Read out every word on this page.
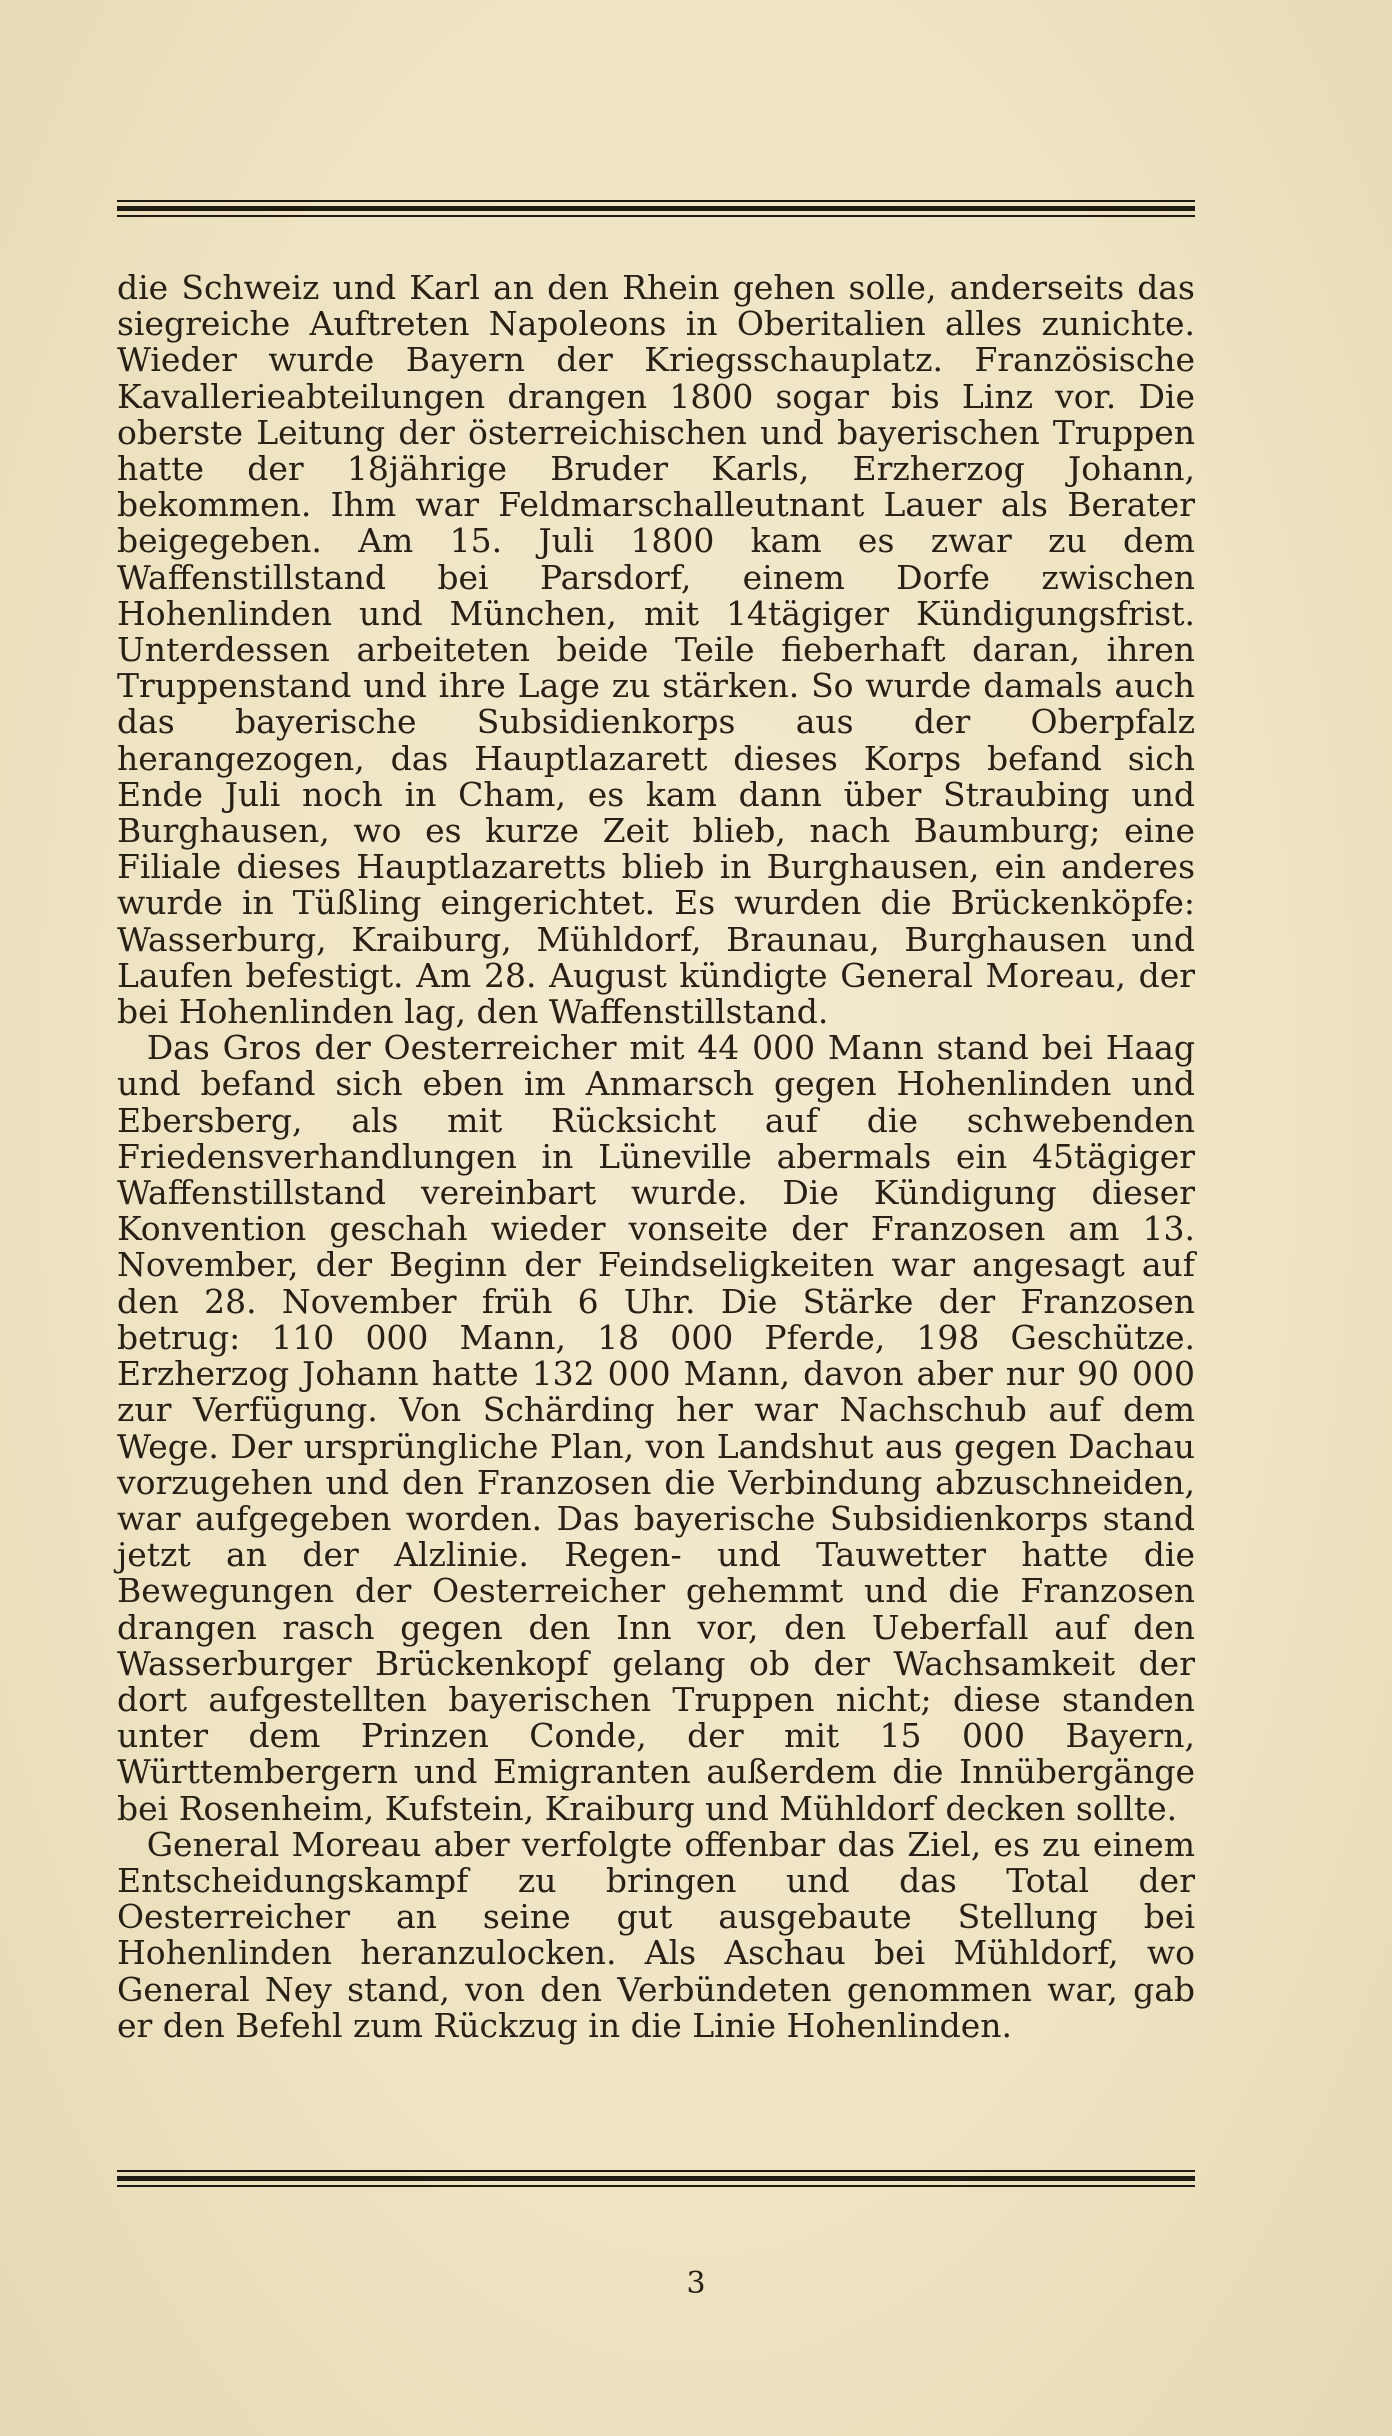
die Schweiz und Karl an den Rhein gehen solle, anderseits das siegreiche Auftreten Napoleons in Oberitalien alles zunichte. Wieder wurde Bayern der Kriegsschauplatz. Französische Kavallerieabteilungen drangen 1800 sogar bis Linz vor. Die oberste Leitung der österreichischen und bayerischen Truppen hatte der 18jährige Bruder Karls, Erzherzog Johann, bekommen. Ihm war Feldmarschalleutnant Lauer als Berater beigegeben. Am 15. Juli 1800 kam es zwar zu dem Waffenstillstand bei Parsdorf, einem Dorfe zwischen Hohenlinden und München, mit 14tägiger Kündigungsfrist. Unterdessen arbeiteten beide Teile fieberhaft daran, ihren Truppenstand und ihre Lage zu stärken. So wurde damals auch das bayerische Subsidienkorps aus der Oberpfalz herangezogen, das Hauptlazarett dieses Korps befand sich Ende Juli noch in Cham, es kam dann über Straubing und Burghausen, wo es kurze Zeit blieb, nach Baumburg; eine Filiale dieses Hauptlazaretts blieb in Burghausen, ein anderes wurde in Tüßling eingerichtet. Es wurden die Brückenköpfe: Wasserburg, Kraiburg, Mühldorf, Braunau, Burghausen und Laufen befestigt. Am 28. August kündigte General Moreau, der bei Hohenlinden lag, den Waffenstillstand.

Das Gros der Oesterreicher mit 44 000 Mann stand bei Haag und befand sich eben im Anmarsch gegen Hohenlinden und Ebersberg, als mit Rücksicht auf die schwebenden Friedensverhandlungen in Lüneville abermals ein 45tägiger Waffenstillstand vereinbart wurde. Die Kündigung dieser Konvention geschah wieder vonseite der Franzosen am 13. November, der Beginn der Feindseligkeiten war angesagt auf den 28. November früh 6 Uhr. Die Stärke der Franzosen betrug: 110 000 Mann, 18 000 Pferde, 198 Geschütze. Erzherzog Johann hatte 132 000 Mann, davon aber nur 90 000 zur Verfügung. Von Schärding her war Nachschub auf dem Wege. Der ursprüngliche Plan, von Landshut aus gegen Dachau vorzugehen und den Franzosen die Verbindung abzuschneiden, war aufgegeben worden. Das bayerische Subsidienkorps stand jetzt an der Alzlinie. Regen- und Tauwetter hatte die Bewegungen der Oesterreicher gehemmt und die Franzosen drangen rasch gegen den Inn vor, den Ueberfall auf den Wasserburger Brückenkopf gelang ob der Wachsamkeit der dort aufgestellten bayerischen Truppen nicht; diese standen unter dem Prinzen Conde, der mit 15 000 Bayern, Württembergern und Emigranten außerdem die Innübergänge bei Rosenheim, Kufstein, Kraiburg und Mühldorf decken sollte.

General Moreau aber verfolgte offenbar das Ziel, es zu einem Entscheidungskampf zu bringen und das Total der Oesterreicher an seine gut ausgebaute Stellung bei Hohenlinden heranzulocken. Als Aschau bei Mühldorf, wo General Ney stand, von den Verbündeten genommen war, gab er den Befehl zum Rückzug in die Linie Hohenlinden.

3
